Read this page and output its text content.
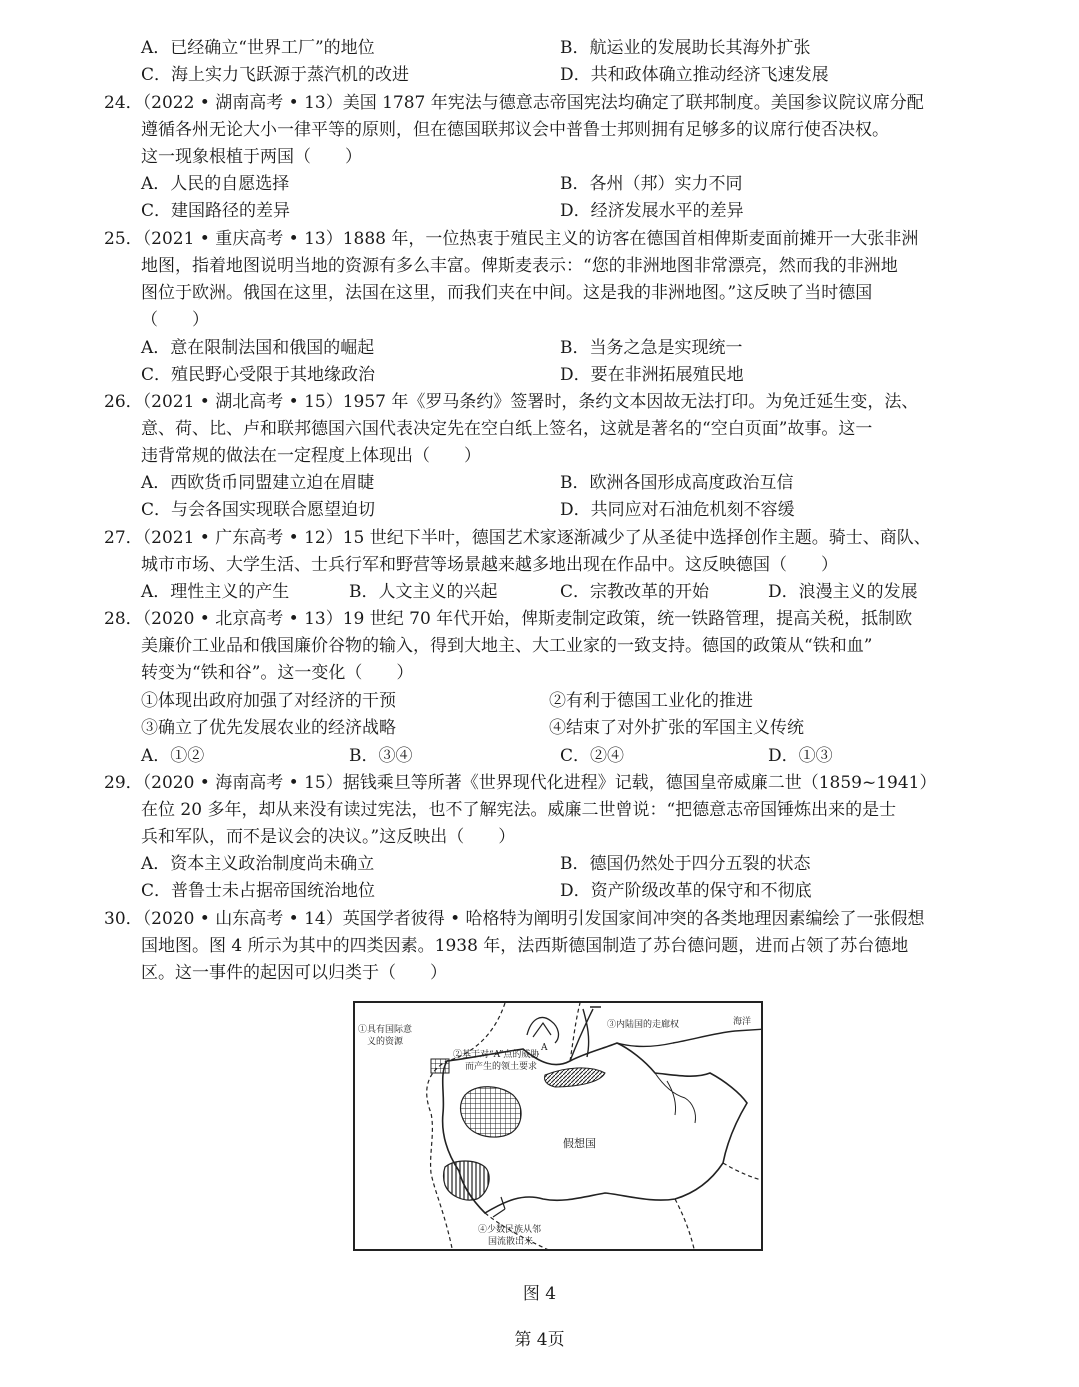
A．已经确立“世界工厂”的地位	B．航运业的发展助长其海外扩张
C．海上实力飞跃源于蒸汽机的改进	D．共和政体确立推动经济飞速发展
24．（2022 • 湖南高考 • 13）美国 1787 年宪法与德意志帝国宪法均确定了联邦制度。美国参议院议席分配
遵循各州无论大小一律平等的原则，但在德国联邦议会中普鲁士邦则拥有足够多的议席行使否决权。
这一现象根植于两国（　　）
A．人民的自愿选择	B．各州（邦）实力不同
C．建国路径的差异	D．经济发展水平的差异
25．（2021 • 重庆高考 • 13）1888 年，一位热衷于殖民主义的访客在德国首相俾斯麦面前摊开一大张非洲
地图，指着地图说明当地的资源有多么丰富。俾斯麦表示：“您的非洲地图非常漂亮，然而我的非洲地
图位于欧洲。俄国在这里，法国在这里，而我们夹在中间。这是我的非洲地图。”这反映了当时德国
（　　）
A．意在限制法国和俄国的崛起	B．当务之急是实现统一
C．殖民野心受限于其地缘政治	D．要在非洲拓展殖民地
26．（2021 • 湖北高考 • 15）1957 年《罗马条约》签署时，条约文本因故无法打印。为免迁延生变，法、
意、荷、比、卢和联邦德国六国代表决定先在空白纸上签名，这就是著名的“空白页面”故事。这一
违背常规的做法在一定程度上体现出（　　）
A．西欧货币同盟建立迫在眉睫	B．欧洲各国形成高度政治互信
C．与会各国实现联合愿望迫切	D．共同应对石油危机刻不容缓
27．（2021 • 广东高考 • 12）15 世纪下半叶，德国艺术家逐渐减少了从圣徒中选择创作主题。骑士、商队、
城市市场、大学生活、士兵行军和野营等场景越来越多地出现在作品中。这反映德国（　　）
A．理性主义的产生	B．人文主义的兴起	C．宗教改革的开始	D．浪漫主义的发展
28．（2020 • 北京高考 • 13）19 世纪 70 年代开始，俾斯麦制定政策，统一铁路管理，提高关税，抵制欧
美廉价工业品和俄国廉价谷物的输入，得到大地主、大工业家的一致支持。德国的政策从“铁和血”
转变为“铁和谷”。这一变化（　　）
①体现出政府加强了对经济的干预	②有利于德国工业化的推进
③确立了优先发展农业的经济战略	④结束了对外扩张的军国主义传统
A．①②	B．③④	C．②④	D．①③
29．（2020 • 海南高考 • 15）据钱乘旦等所著《世界现代化进程》记载，德国皇帝威廉二世（1859~1941）
在位 20 多年，却从来没有读过宪法，也不了解宪法。威廉二世曾说：“把德意志帝国锤炼出来的是士
兵和军队，而不是议会的决议。”这反映出（　　）
A．资本主义政治制度尚未确立	B．德国仍然处于四分五裂的状态
C．普鲁士未占据帝国统治地位	D．资产阶级改革的保守和不彻底
30．（2020 • 山东高考 • 14）英国学者彼得 • 哈格特为阐明引发国家间冲突的各类地理因素编绘了一张假想
国地图。图 4 所示为其中的四类因素。1938 年，法西斯德国制造了苏台德问题，进而占领了苏台德地
区。这一事件的起因可以归类于（　　）
①具有国际意
义的资源
②基于对“A”点的威胁
而产生的领土要求
③内陆国的走廊权	海洋
假想国
A
④少数民族从邻
国流散出来
图 4
第 4页
